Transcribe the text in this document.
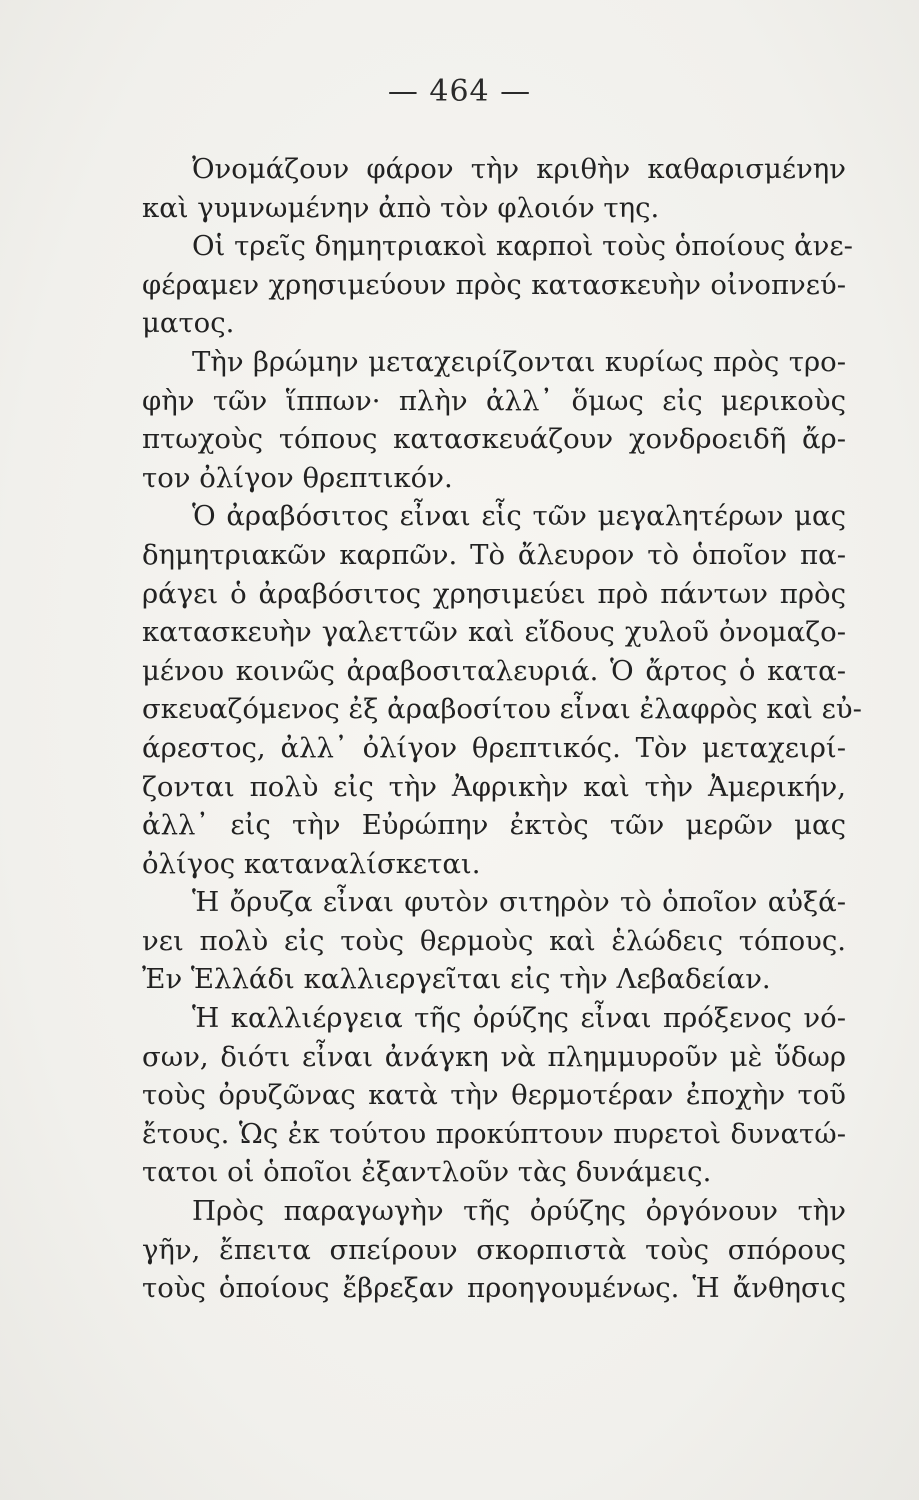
— 464 —
Ὀνομάζουν φάρον τὴν κριθὴν καθαρισμένην
καὶ γυμνωμένην ἀπὸ τὸν φλοιόν της.
Οἱ τρεῖς δημητριακοὶ καρποὶ τοὺς ὁποίους ἀνε-
φέραμεν χρησιμεύουν πρὸς κατασκευὴν οἰνοπνεύ-
ματος.
Τὴν βρώμην μεταχειρίζονται κυρίως πρὸς τρο-
φὴν τῶν ἵππων· πλὴν ἀλλ᾽ ὅμως εἰς μερικοὺς
πτωχοὺς τόπους κατασκευάζουν χονδροειδῆ ἄρ-
τον ὀλίγον θρεπτικόν.
Ὁ ἀραβόσιτος εἶναι εἷς τῶν μεγαλητέρων μας
δημητριακῶν καρπῶν. Τὸ ἄλευρον τὸ ὁποῖον πα-
ράγει ὁ ἀραβόσιτος χρησιμεύει πρὸ πάντων πρὸς
κατασκευὴν γαλεττῶν καὶ εἴδους χυλοῦ ὀνομαζο-
μένου κοινῶς ἀραβοσιταλευριά. Ὁ ἄρτος ὁ κατα-
σκευαζόμενος ἐξ ἀραβοσίτου εἶναι ἐλαφρὸς καὶ εὐ-
άρεστος, ἀλλ᾽ ὀλίγον θρεπτικός. Τὸν μεταχειρί-
ζονται πολὺ εἰς τὴν Ἀφρικὴν καὶ τὴν Ἀμερικήν,
ἀλλ᾽ εἰς τὴν Εὐρώπην ἐκτὸς τῶν μερῶν μας
ὀλίγος καταναλίσκεται.
Ἡ ὄρυζα εἶναι φυτὸν σιτηρὸν τὸ ὁποῖον αὐξά-
νει πολὺ εἰς τοὺς θερμοὺς καὶ ἑλώδεις τόπους.
Ἐν Ἑλλάδι καλλιεργεῖται εἰς τὴν Λεβαδείαν.
Ἡ καλλιέργεια τῆς ὀρύζης εἶναι πρόξενος νό-
σων, διότι εἶναι ἀνάγκη νὰ πλημμυροῦν μὲ ὕδωρ
τοὺς ὀρυζῶνας κατὰ τὴν θερμοτέραν ἐποχὴν τοῦ
ἔτους. Ὡς ἐκ τούτου προκύπτουν πυρετοὶ δυνατώ-
τατοι οἱ ὁποῖοι ἐξαντλοῦν τὰς δυνάμεις.
Πρὸς παραγωγὴν τῆς ὀρύζης ὀργόνουν τὴν
γῆν, ἔπειτα σπείρουν σκορπιστὰ τοὺς σπόρους
τοὺς ὁποίους ἔβρεξαν προηγουμένως. Ἡ ἄνθησις
